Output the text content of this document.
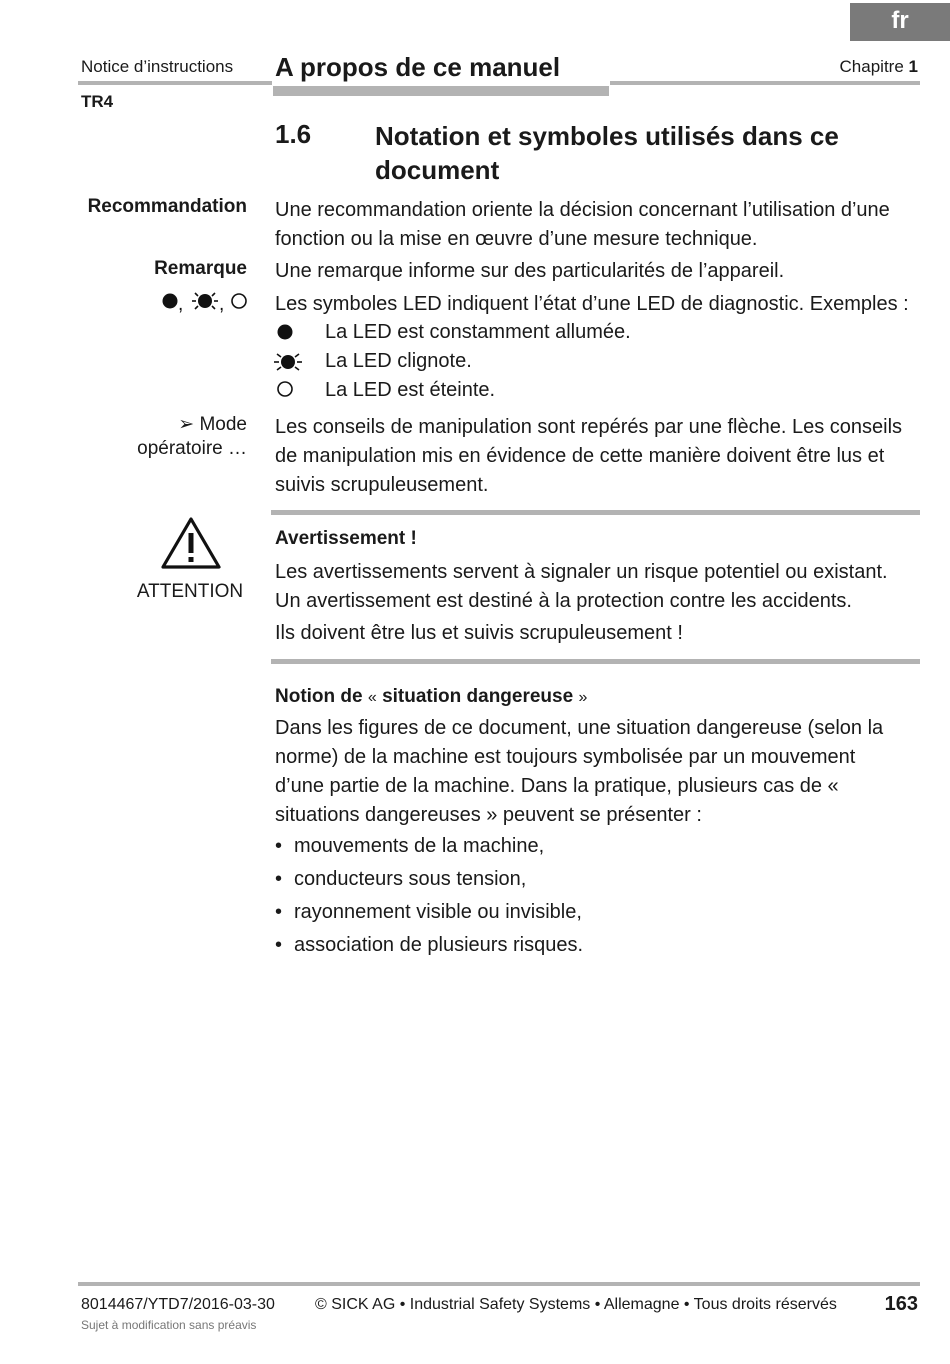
fr
Notice d’instructions A propos de ce manuel	Chapitre 1
TR4
1.6 Notation et symboles utilisés dans ce document
Recommandation Une recommandation oriente la décision concernant l’utilisation d’une fonction ou la mise en œuvre d’une mesure technique.
Remarque Une remarque informe sur des particularités de l’appareil.
, ,	Les symboles LED indiquent l’état d’une LED de diagnostic. Exemples :
La LED est constamment allumée.
La LED clignote.
La LED est éteinte.
➢ Mode
opératoire …
Les conseils de manipulation sont repérés par une flèche. Les conseils de manipulation mis en évidence de cette manière doivent être lus et suivis scrupuleusement.
ATTENTION
Avertissement !
Les avertissements servent à signaler un risque potentiel ou existant. Un avertissement est destiné à la protection contre les accidents.
Ils doivent être lus et suivis scrupuleusement !
Notion de « situation dangereuse »
Dans les figures de ce document, une situation dangereuse (selon la norme) de la machine est toujours symbolisée par un mouvement d’une partie de la machine. Dans la pratique, plusieurs cas de « situations dangereuses » peuvent se présenter :
• mouvements de la machine,
• conducteurs sous tension,
• rayonnement visible ou invisible,
• association de plusieurs risques.
8014467/YTD7/2016-03-30	© SICK AG • Industrial Safety Systems • Allemagne • Tous droits réservés
Sujet à modification sans préavis
163
